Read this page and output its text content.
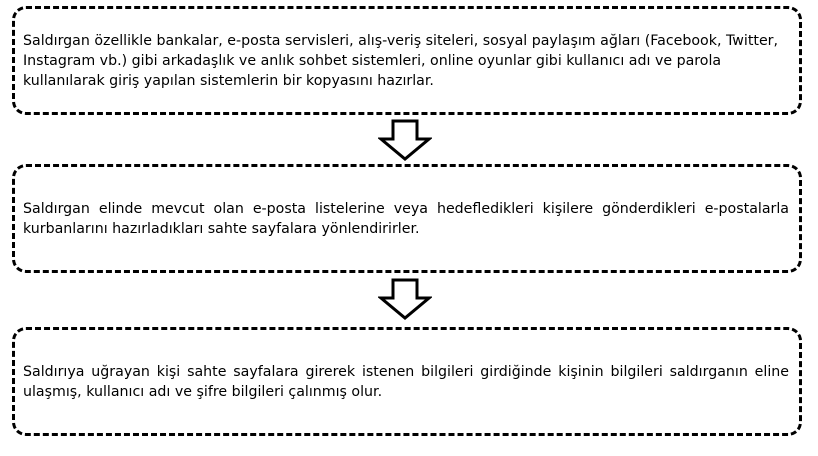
Saldırgan özellikle bankalar, e-posta servisleri, alış-veriş siteleri, sosyal paylaşım ağları (Facebook, Twitter, Instagram vb.) gibi arkadaşlık ve anlık sohbet sistemleri, online oyunlar gibi kullanıcı adı ve parola kullanılarak giriş yapılan sistemlerin bir kopyasını hazırlar.

Saldırgan elinde mevcut olan e-posta listelerine veya hedefledikleri kişilere gönderdikleri e-postalarla kurbanlarını hazırladıkları sahte sayfalara yönlendirirler.

Saldırıya uğrayan kişi sahte sayfalara girerek istenen bilgileri girdiğinde kişinin bilgileri saldırganın eline ulaşmış, kullanıcı adı ve şifre bilgileri çalınmış olur.
